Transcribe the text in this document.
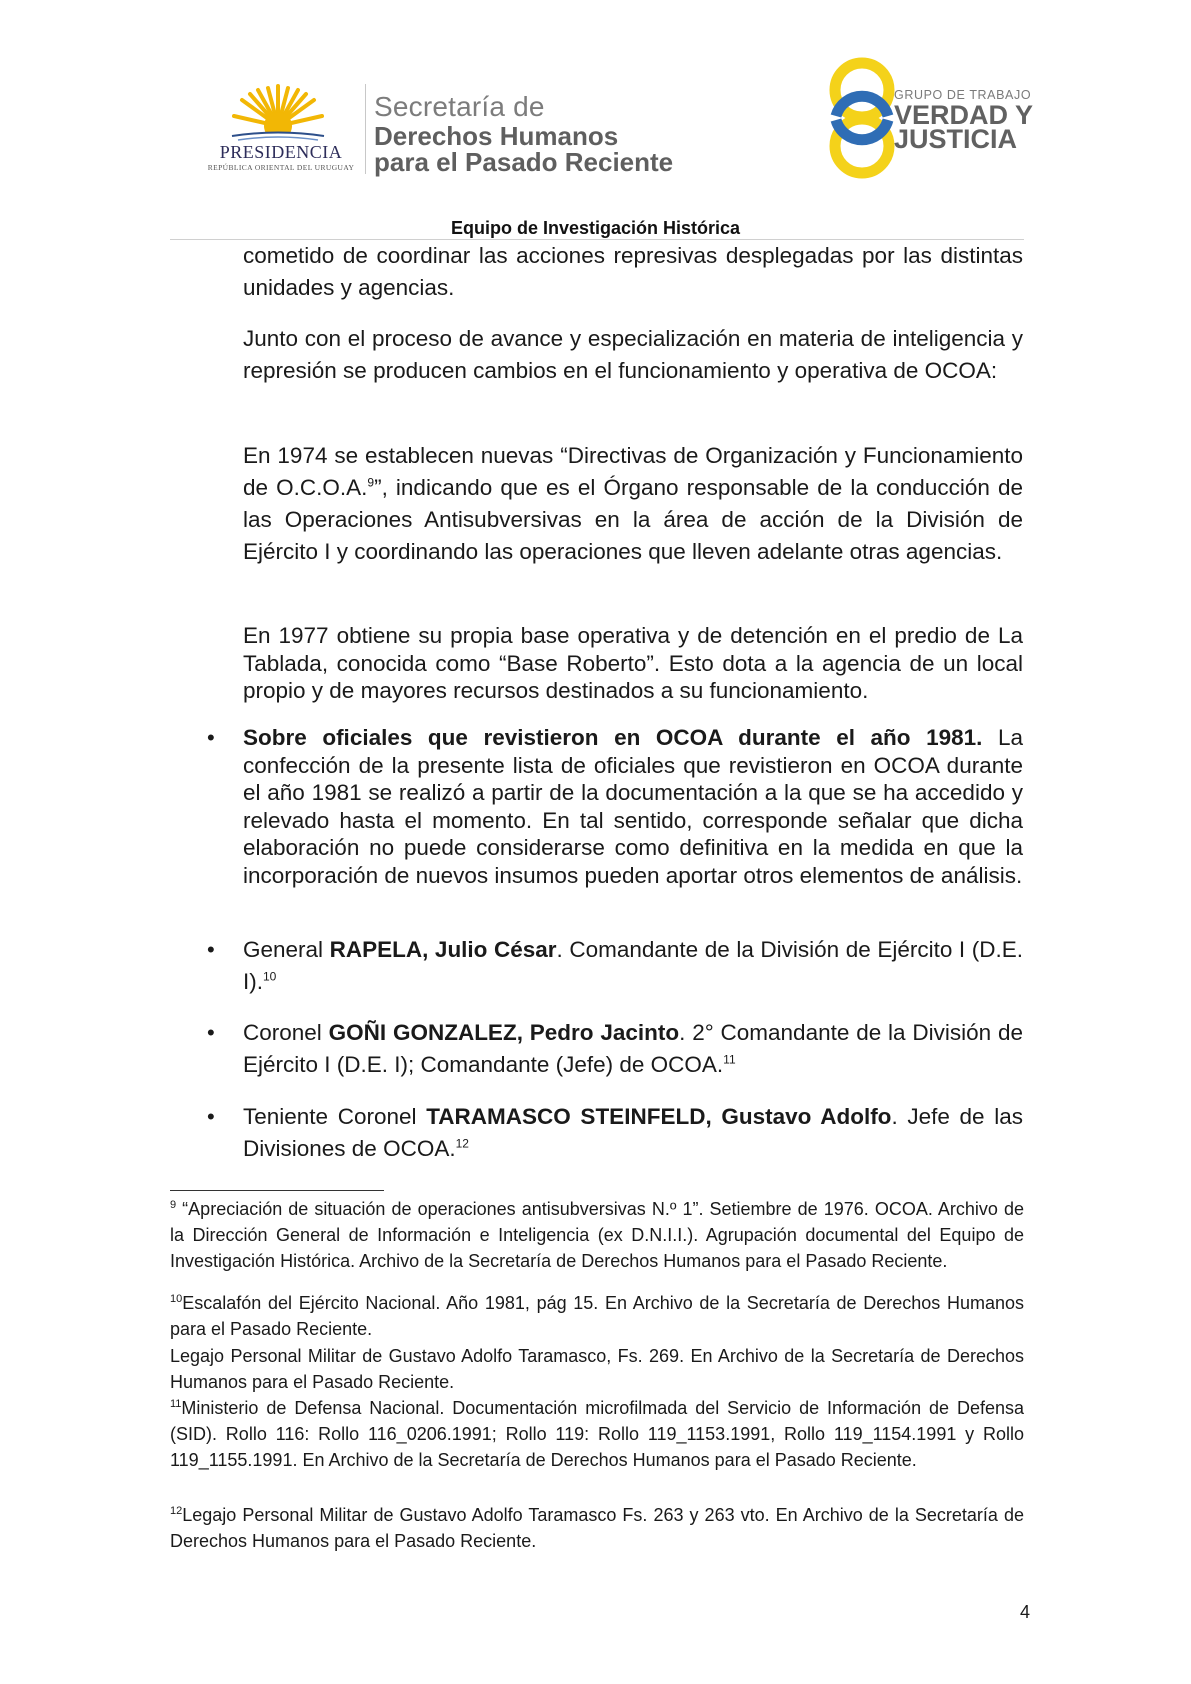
PRESIDENCIA
REPÚBLICA ORIENTAL DEL URUGUAY
Secretaría de
Derechos Humanos
para el Pasado Reciente
GRUPO DE TRABAJO
VERDAD Y
JUSTICIA
Equipo de Investigación Histórica
cometido de coordinar las acciones represivas desplegadas por las distintas unidades y agencias.
Junto con el proceso de avance y especialización en materia de inteligencia y represión se producen cambios en el funcionamiento y operativa de OCOA:
En 1974 se establecen nuevas “Directivas de Organización y Funcionamiento de O.C.O.A.$^9$”, indicando que es el Órgano responsable de la conducción de las Operaciones Antisubversivas en la área de acción de la División de Ejército I y coordinando las operaciones que lleven adelante otras agencias.
En 1977 obtiene su propia base operativa y de detención en el predio de La Tablada, conocida como “Base Roberto”. Esto dota a la agencia de un local propio y de mayores recursos destinados a su funcionamiento.
• Sobre oficiales que revistieron en OCOA durante el año 1981. La confección de la presente lista de oficiales que revistieron en OCOA durante el año 1981 se realizó a partir de la documentación a la que se ha accedido y relevado hasta el momento. En tal sentido, corresponde señalar que dicha elaboración no puede considerarse como definitiva en la medida en que la incorporación de nuevos insumos pueden aportar otros elementos de análisis.
• General RAPELA, Julio César. Comandante de la División de Ejército I (D.E. I).$^{10}$
• Coronel GOÑI GONZALEZ, Pedro Jacinto. 2° Comandante de la División de Ejército I (D.E. I); Comandante (Jefe) de OCOA.$^{11}$
• Teniente Coronel TARAMASCO STEINFELD, Gustavo Adolfo. Jefe de las Divisiones de OCOA.$^{12}$
$^9$ “Apreciación de situación de operaciones antisubversivas N.º 1”. Setiembre de 1976. OCOA. Archivo de la Dirección General de Información e Inteligencia (ex D.N.I.I.). Agrupación documental del Equipo de Investigación Histórica. Archivo de la Secretaría de Derechos Humanos para el Pasado Reciente.
$^{10}$Escalafón del Ejército Nacional. Año 1981, pág 15. En Archivo de la Secretaría de Derechos Humanos para el Pasado Reciente.
Legajo Personal Militar de Gustavo Adolfo Taramasco, Fs. 269. En Archivo de la Secretaría de Derechos Humanos para el Pasado Reciente.
$^{11}$Ministerio de Defensa Nacional. Documentación microfilmada del Servicio de Información de Defensa (SID). Rollo 116: Rollo 116_0206.1991; Rollo 119: Rollo 119_1153.1991, Rollo 119_1154.1991 y Rollo 119_1155.1991. En Archivo de la Secretaría de Derechos Humanos para el Pasado Reciente.
$^{12}$Legajo Personal Militar de Gustavo Adolfo Taramasco Fs. 263 y 263 vto. En Archivo de la Secretaría de Derechos Humanos para el Pasado Reciente.
4
